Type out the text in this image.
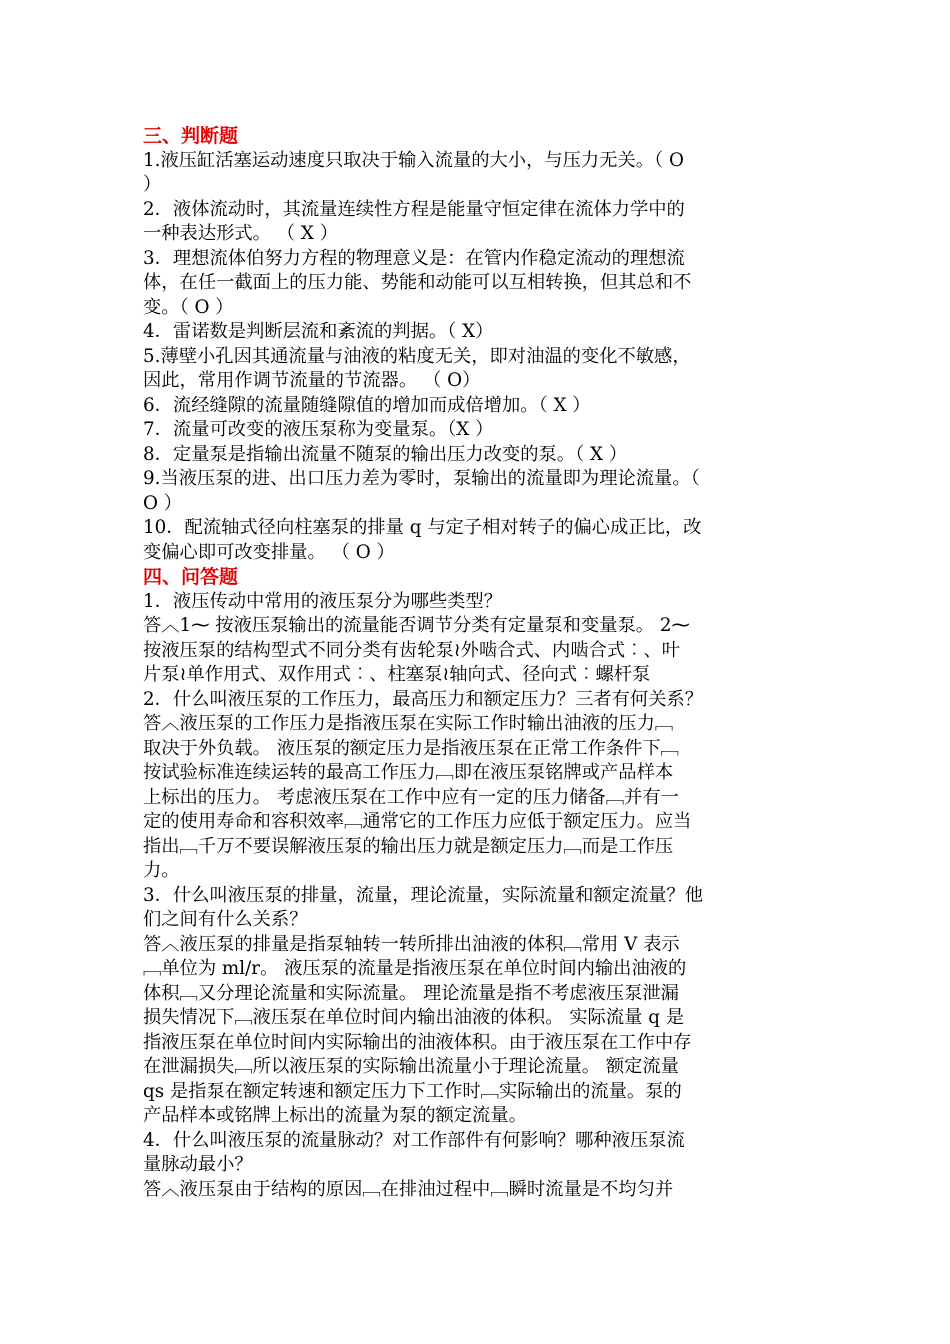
三、判断题
1.液压缸活塞运动速度只取决于输入流量的大小，与压力无关。（ O
）
2．液体流动时，其流量连续性方程是能量守恒定律在流体力学中的
一种表达形式。 （ X ）
3．理想流体伯努力方程的物理意义是：在管内作稳定流动的理想流
体，在任一截面上的压力能、势能和动能可以互相转换，但其总和不
变。（ O ）
4．雷诺数是判断层流和紊流的判据。（ X）
5.薄壁小孔因其通流量与油液的粘度无关，即对油温的变化不敏感，
因此，常用作调节流量的节流器。 （ O）
6．流经缝隙的流量随缝隙值的增加而成倍增加。（ X ）
7．流量可改变的液压泵称为变量泵。（X ）
8．定量泵是指输出流量不随泵的输出压力改变的泵。（ X ）
9.当液压泵的进、出口压力差为零时，泵输出的流量即为理论流量。（
O ）
10．配流轴式径向柱塞泵的排量 q 与定子相对转子的偏心成正比，改
变偏心即可改变排量。 （ O ）
四、问答题
1．液压传动中常用的液压泵分为哪些类型？
答︿1⁓ 按液压泵输出的流量能否调节分类有定量泵和变量泵。 2⁓
按液压泵的结构型式不同分类有齿轮泵≀外啮合式、内啮合式︰、叶
片泵≀单作用式、双作用式︰、柱塞泵≀轴向式、径向式︰螺杆泵
2．什么叫液压泵的工作压力，最高压力和额定压力？三者有何关系？
答︿液压泵的工作压力是指液压泵在实际工作时输出油液的压力﹇
取决于外负载。 液压泵的额定压力是指液压泵在正常工作条件下﹇
按试验标准连续运转的最高工作压力﹇即在液压泵铭牌或产品样本
上标出的压力。 考虑液压泵在工作中应有一定的压力储备﹇并有一
定的使用寿命和容积效率﹇通常它的工作压力应低于额定压力。应当
指出﹇千万不要误解液压泵的输出压力就是额定压力﹇而是工作压
力。
3．什么叫液压泵的排量，流量，理论流量，实际流量和额定流量？他
们之间有什么关系？
答︿液压泵的排量是指泵轴转一转所排出油液的体积﹇常用 V 表示
﹇单位为 ml/r。 液压泵的流量是指液压泵在单位时间内输出油液的
体积﹇又分理论流量和实际流量。 理论流量是指不考虑液压泵泄漏
损失情况下﹇液压泵在单位时间内输出油液的体积。 实际流量 q 是
指液压泵在单位时间内实际输出的油液体积。由于液压泵在工作中存
在泄漏损失﹇所以液压泵的实际输出流量小于理论流量。 额定流量
qs 是指泵在额定转速和额定压力下工作时﹇实际输出的流量。泵的
产品样本或铭牌上标出的流量为泵的额定流量。
4．什么叫液压泵的流量脉动？对工作部件有何影响？哪种液压泵流
量脉动最小？
答︿液压泵由于结构的原因﹇在排油过程中﹇瞬时流量是不均匀并
